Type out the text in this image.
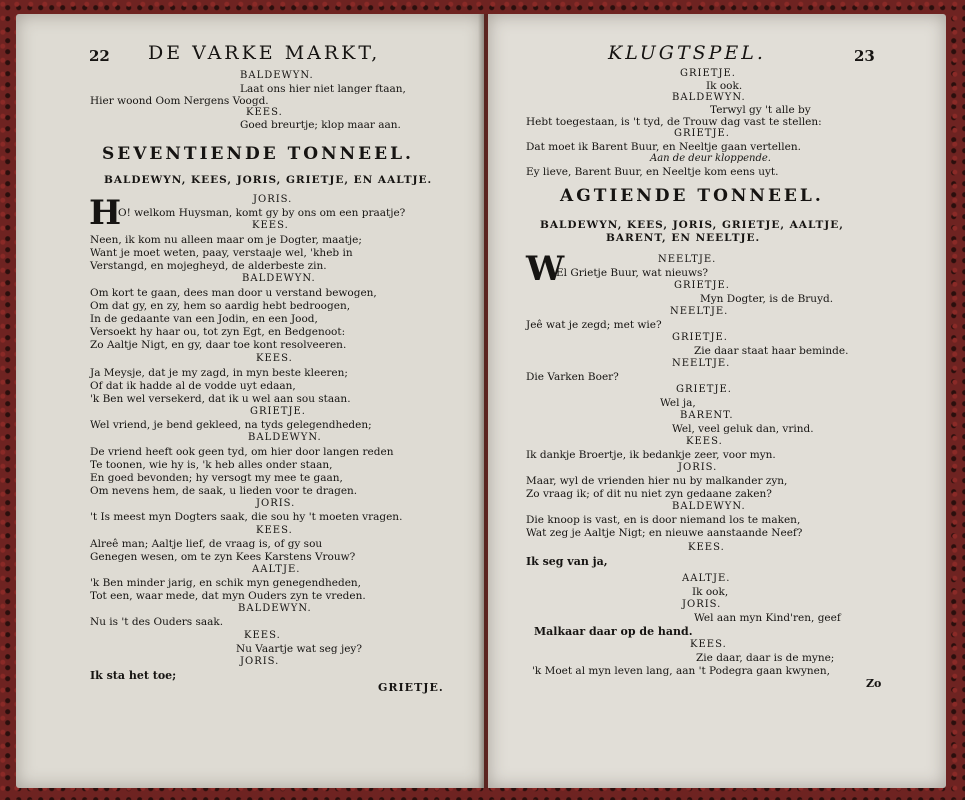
22 DE VARKE MARKT,
BALDEWYN.
Laat ons hier niet langer ftaan,
Hier woond Oom Nergens Voogd.
KEES.
Goed breurtje; klop maar aan.
SEVENTIENDE TONNEEL.
BALDEWYN, KEES, JORIS, GRIETJE, EN AALTJE.
JORIS.
H
O! welkom Huysman, komt gy by ons om een praatje?
KEES.
Neen, ik kom nu alleen maar om je Dogter, maatje;
Want je moet weten, paay, verstaaje wel, 'kheb in
Verstangd, en mojegheyd, de alderbeste zin.
BALDEWYN.
Om kort te gaan, dees man door u verstand bewogen,
Om dat gy, en zy, hem so aardig hebt bedroogen,
In de gedaante van een Jodin, en een Jood,
Versoekt hy haar ou, tot zyn Egt, en Bedgenoot:
Zo Aaltje Nigt, en gy, daar toe kont resolveeren.
KEES.
Ja Meysje, dat je my zagd, in myn beste kleeren;
Of dat ik hadde al de vodde uyt edaan,
'k Ben wel versekerd, dat ik u wel aan sou staan.
GRIETJE.
Wel vriend, je bend gekleed, na tyds gelegendheden;
BALDEWYN.
De vriend heeft ook geen tyd, om hier door langen reden
Te toonen, wie hy is, 'k heb alles onder staan,
En goed bevonden; hy versogt my mee te gaan,
Om nevens hem, de saak, u lieden voor te dragen.
JORIS.
't Is meest myn Dogters saak, die sou hy 't moeten vragen.
KEES.
Alreê man; Aaltje lief, de vraag is, of gy sou
Genegen wesen, om te zyn Kees Karstens Vrouw?
AALTJE.
'k Ben minder jarig, en schik myn genegendheden,
Tot een, waar mede, dat myn Ouders zyn te vreden.
BALDEWYN.
Nu is 't des Ouders saak.
KEES.
Nu Vaartje wat seg jey?
JORIS.
Ik sta het toe;
GRIETJE.
KLUGTSPEL.	23
GRIETJE.
Ik ook.
BALDEWYN.
Terwyl gy 't alle by
Hebt toegestaan, is 't tyd, de Trouw dag vast te stellen:
GRIETJE.
Dat moet ik Barent Buur, en Neeltje gaan vertellen.
Aan de deur kloppende.
Ey lieve, Barent Buur, en Neeltje kom eens uyt.
AGTIENDE TONNEEL.
BALDEWYN, KEES, JORIS, GRIETJE, AALTJE,
BARENT, EN NEELTJE.
NEELTJE.
W
El Grietje Buur, wat nieuws?
GRIETJE.
Myn Dogter, is de Bruyd.
NEELTJE.
Jeê wat je zegd; met wie?
GRIETJE.
Zie daar staat haar beminde.
NEELTJE.
Die Varken Boer?
GRIETJE.
Wel ja,
BARENT.
Wel, veel geluk dan, vrind.
KEES.
Ik dankje Broertje, ik bedankje zeer, voor myn.
JORIS.
Maar, wyl de vrienden hier nu by malkander zyn,
Zo vraag ik; of dit nu niet zyn gedaane zaken?
BALDEWYN.
Die knoop is vast, en is door niemand los te maken,
Wat zeg je Aaltje Nigt; en nieuwe aanstaande Neef?
KEES.
Ik seg van ja,
AALTJE.
Ik ook,
JORIS.
Wel aan myn Kind'ren, geef
Malkaar daar op de hand.
KEES.
Zie daar, daar is de myne;
'k Moet al myn leven lang, aan 't Podegra gaan kwynen,
Zo
